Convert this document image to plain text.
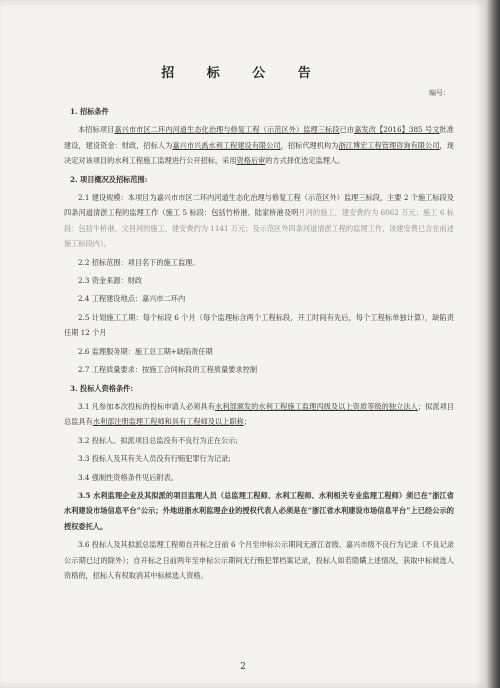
招 标 公 告
编号：

1. 招标条件

本招标项目嘉兴市市区二环内河道生态化治理与修复工程（示范区外）监理三标段已由嘉发改【2016】385 号文批准建设，建设资金：财政，招标人为嘉兴市兴禹水利工程建设有限公司，招标代理机构为浙江博宏工程管理咨询有限公司，现决定对该项目的水利工程施工监理进行公开招标，采用资格后审的方式择优选定监理人。

2. 项目概况及招标范围:

2.1 建设规模：本项目为嘉兴市市区二环内河道生态化治理与修复工程（示范区外）监理三标段，主要 2 个施工标段及四条河道清淤工程的监理工作（施工 5 标段：包括竹桥港、陆家桥港及明月河的施工，建安费约为 6062 万元；施工 6 标段：包括牛桥港、文昌河的施工，建安费约为 1141 万元；及示范区外四条河道清淤工程的监理工作，该建安费已含在前述施工标段内）。

2.2 招标范围：项目名下的施工监理。

2.3 资金来源：财政

2.4 工程建设地点：嘉兴市二环内

2.5 计划施工工期：每个标段 6 个月（每个监理标含两个工程标段，开工时间有先后，每个工程标单独计算），缺陷责任期 12 个月

2.6 监理服务期：施工总工期+缺陷责任期

2.7 工程质量要求：按施工合同标段的工程质量要求控制

3. 投标人资格条件:

3.1 凡参加本次投标的投标申请人必须具有水利部颁发的水利工程施工监理丙级及以上资质等级的独立法人；拟派项目总监具有水利部注册监理工程师和具有工程师及以上职称；

3.2 投标人、拟派项目总监没有不良行为正在公示;

3.3 投标人及其有关人员没有行贿犯罪行为记录;

3.4 强制性资格条件见后附表。

3.5 水利监理企业及其拟派的项目监理人员（总监理工程师、水利工程师、水利相关专业监理工程师）须已在“浙江省水利建设市场信息平台”公示；外地进浙水利监理企业的授权代表人必须是在“浙江省水利建设市场信息平台”上已经公示的授权委托人。

3.6 投标人及其拟派总监理工程师自开标之日前 6 个月至申标公示期间无浙江省级、嘉兴市级不良行为记录（不良记录公示期已过的除外）；自开标之日前两年至申标公示期间无行贿犯罪档案记录，投标人如若隐瞒上述情况，获取中标候选人资格的，招标人有权取消其中标候选人资格。

2
